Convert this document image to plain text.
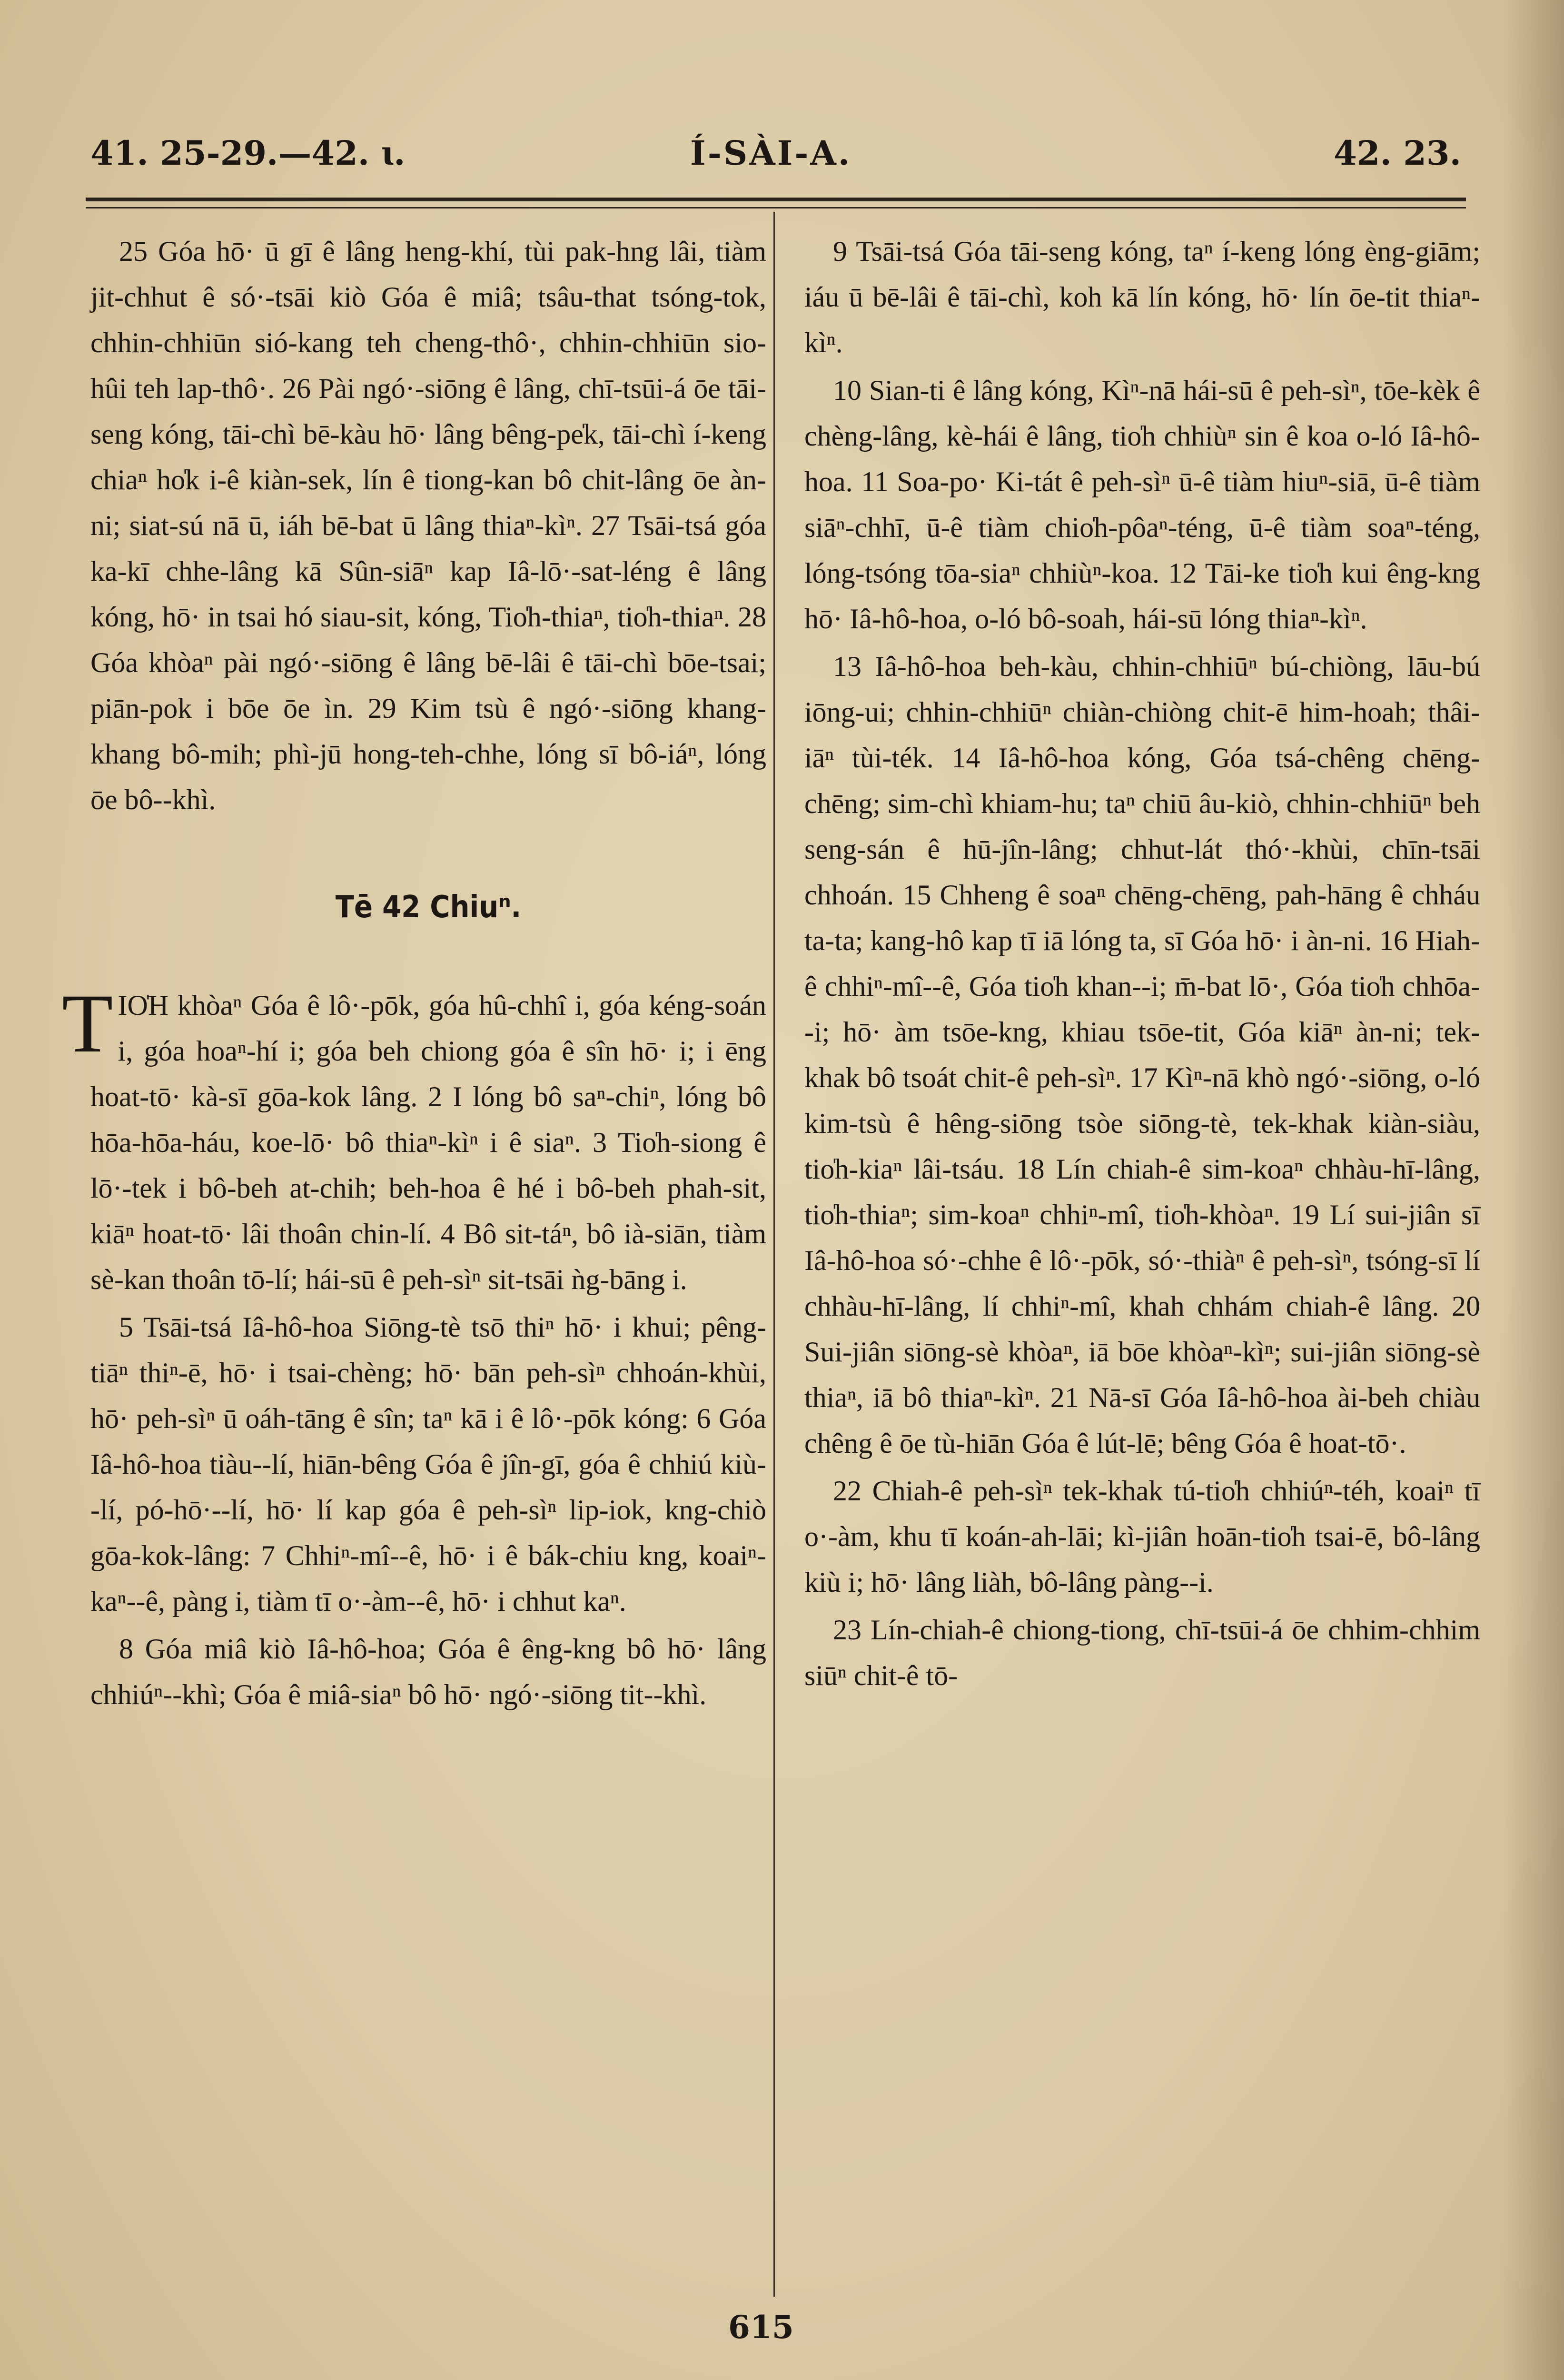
41. 25-29.—42. ɩ.	Í-SÀI-A.	42. 23.

25 Góa hō· ū gī ê lâng heng-khí, tùi pak-hng lâi, tiàm jit-chhut ê só·-tsāi kiò Góa ê miâ; tsâu-that tsóng-tok, chhin-chhiūn sió-kang teh cheng-thô·, chhin-chhiūn sio-hûi teh lap-thô·. 26 Pài ngó·-siōng ê lâng, chī-tsūi-á ōe tāi-seng kóng, tāi-chì bē-kàu hō· lâng bêng-pe̍k, tāi-chì í-keng chiaⁿ ho̍k i-ê kiàn-sek, lín ê tiong-kan bô chit-lâng ōe àn-ni; siat-sú nā ū, iáh bē-bat ū lâng thiaⁿ-kìⁿ. 27 Tsāi-tsá góa ka-kī chhe-lâng kā Sûn-siāⁿ kap Iâ-lō·-sat-léng ê lâng kóng, hō· in tsai hó siau-sit, kóng, Tio̍h-thiaⁿ, tio̍h-thiaⁿ. 28 Góa khòaⁿ pài ngó·-siōng ê lâng bē-lâi ê tāi-chì bōe-tsai; piān-pok i bōe ōe ìn. 29 Kim tsù ê ngó·-siōng khang-khang bô-mih; phì-jū hong-teh-chhe, lóng sī bô-iáⁿ, lóng ōe bô--khì.

Tē 42 Chiuⁿ.

TIO̍H khòaⁿ Góa ê lô·-pōk, góa hû-chhî i, góa kéng-soán i, góa hoaⁿ-hí i; góa beh chiong góa ê sîn hō· i; i ēng hoat-tō· kà-sī gōa-kok lâng. 2 I lóng bô saⁿ-chiⁿ, lóng bô hōa-hōa-háu, koe-lō· bô thiaⁿ-kìⁿ i ê siaⁿ. 3 Tio̍h-siong ê lō·-tek i bô-beh at-chih; beh-hoa ê hé i bô-beh phah-sit, kiāⁿ hoat-tō· lâi thoân chin-lí. 4 Bô sit-táⁿ, bô ià-siān, tiàm sè-kan thoân tō-lí; hái-sū ê peh-sìⁿ sit-tsāi ǹg-bāng i.

5 Tsāi-tsá Iâ-hô-hoa Siōng-tè tsō thiⁿ hō· i khui; pêng-tiāⁿ thiⁿ-ē, hō· i tsai-chèng; hō· bān peh-sìⁿ chhoán-khùi, hō· peh-sìⁿ ū oáh-tāng ê sîn; taⁿ kā i ê lô·-pōk kóng: 6 Góa Iâ-hô-hoa tiàu--lí, hiān-bêng Góa ê jîn-gī, góa ê chhiú kiù--lí, pó-hō·--lí, hō· lí kap góa ê peh-sìⁿ lip-iok, kng-chiò gōa-kok-lâng: 7 Chhiⁿ-mî--ê, hō· i ê bák-chiu kng, koaiⁿ-kaⁿ--ê, pàng i, tiàm tī o·-àm--ê, hō· i chhut kaⁿ.

8 Góa miâ kiò Iâ-hô-hoa; Góa ê êng-kng bô hō· lâng chhiúⁿ--khì; Góa ê miâ-siaⁿ bô hō· ngó·-siōng tit--khì.

9 Tsāi-tsá Góa tāi-seng kóng, taⁿ í-keng lóng èng-giām; iáu ū bē-lâi ê tāi-chì, koh kā lín kóng, hō· lín ōe-tit thiaⁿ-kìⁿ.

10 Sian-ti ê lâng kóng, Kìⁿ-nā hái-sū ê peh-sìⁿ, tōe-kèk ê chèng-lâng, kè-hái ê lâng, tio̍h chhiùⁿ sin ê koa o-ló Iâ-hô-hoa. 11 Soa-po· Ki-tát ê peh-sìⁿ ū-ê tiàm hiuⁿ-siā, ū-ê tiàm siāⁿ-chhī, ū-ê tiàm chio̍h-pôaⁿ-téng, ū-ê tiàm soaⁿ-téng, lóng-tsóng tōa-siaⁿ chhiùⁿ-koa. 12 Tāi-ke tio̍h kui êng-kng hō· Iâ-hô-hoa, o-ló bô-soah, hái-sū lóng thiaⁿ-kìⁿ.

13 Iâ-hô-hoa beh-kàu, chhin-chhiūⁿ bú-chiòng, lāu-bú iōng-ui; chhin-chhiūⁿ chiàn-chiòng chit-ē him-hoah; thâi-iāⁿ tùi-ték. 14 Iâ-hô-hoa kóng, Góa tsá-chêng chēng-chēng; sim-chì khiam-hu; taⁿ chiū âu-kiò, chhin-chhiūⁿ beh seng-sán ê hū-jîn-lâng; chhut-lát thó·-khùi, chīn-tsāi chhoán. 15 Chheng ê soaⁿ chēng-chēng, pah-hāng ê chháu ta-ta; kang-hô kap tī iā lóng ta, sī Góa hō· i àn-ni. 16 Hiah-ê chhiⁿ-mî--ê, Góa tio̍h khan--i; m̄-bat lō·, Góa tio̍h chhōa--i; hō· àm tsōe-kng, khiau tsōe-tit, Góa kiāⁿ àn-ni; tek-khak bô tsoát chit-ê peh-sìⁿ. 17 Kìⁿ-nā khò ngó·-siōng, o-ló kim-tsù ê hêng-siōng tsòe siōng-tè, tek-khak kiàn-siàu, tio̍h-kiaⁿ lâi-tsáu. 18 Lín chiah-ê sim-koaⁿ chhàu-hī-lâng, tio̍h-thiaⁿ; sim-koaⁿ chhiⁿ-mî, tio̍h-khòaⁿ. 19 Lí sui-jiân sī Iâ-hô-hoa só·-chhe ê lô·-pōk, só·-thiàⁿ ê peh-sìⁿ, tsóng-sī lí chhàu-hī-lâng, lí chhiⁿ-mî, khah chhám chiah-ê lâng. 20 Sui-jiân siōng-sè khòaⁿ, iā bōe khòaⁿ-kìⁿ; sui-jiân siōng-sè thiaⁿ, iā bô thiaⁿ-kìⁿ. 21 Nā-sī Góa Iâ-hô-hoa ài-beh chiàu chêng ê ōe tù-hiān Góa ê lút-lē; bêng Góa ê hoat-tō·.

22 Chiah-ê peh-sìⁿ tek-khak tú-tio̍h chhiúⁿ-téh, koaiⁿ tī o·-àm, khu tī koán-ah-lāi; kì-jiân hoān-tio̍h tsai-ē, bô-lâng kiù i; hō· lâng liàh, bô-lâng pàng--i.

23 Lín-chiah-ê chiong-tiong, chī-tsūi-á ōe chhim-chhim siūⁿ chit-ê tō-

615
